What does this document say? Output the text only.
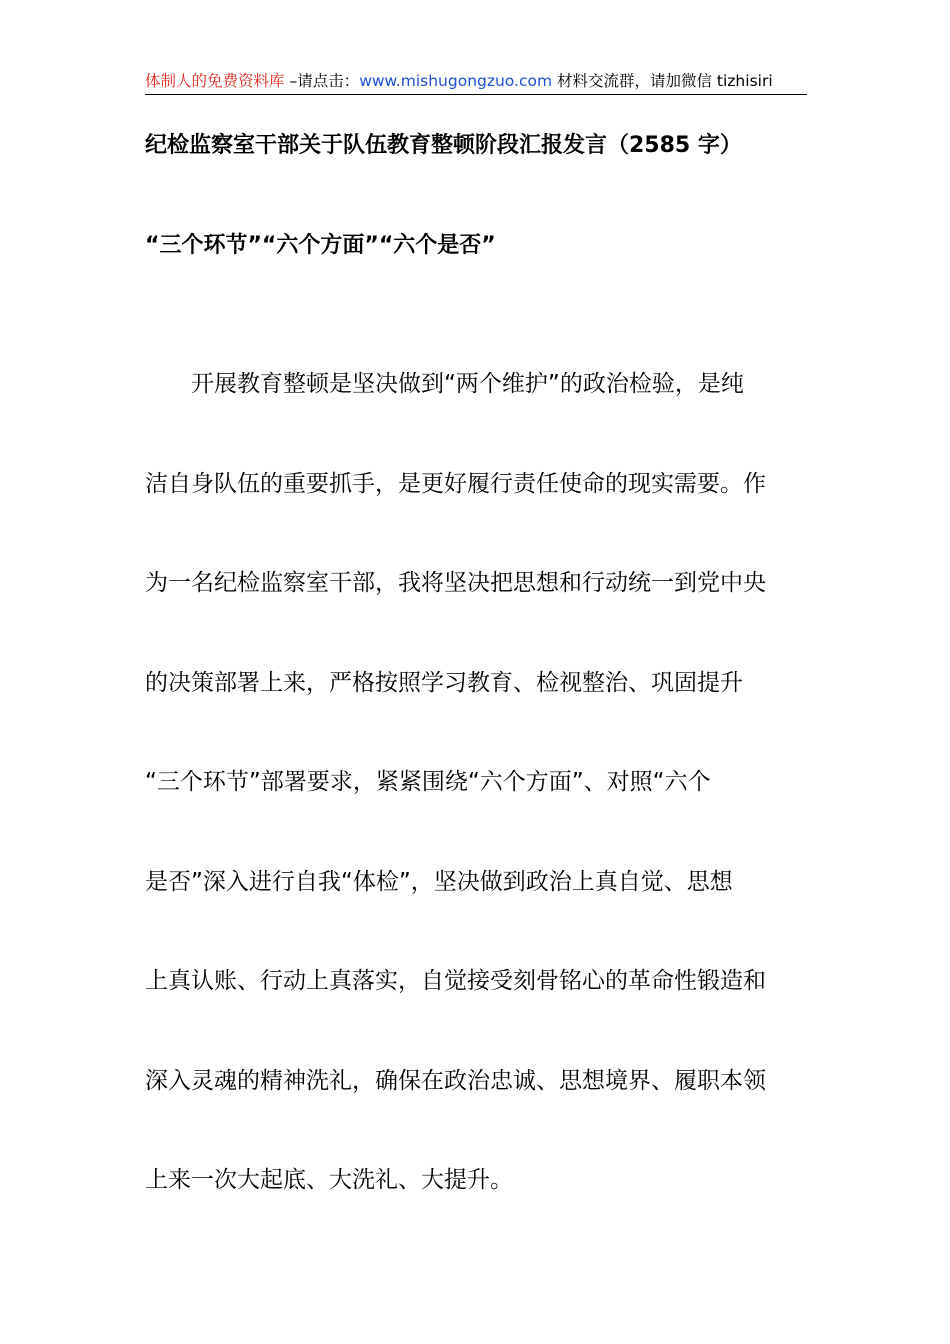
体制人的免费资料库 –请点击：www.mishugongzuo.com 材料交流群，请加微信 tizhisiri
纪检监察室干部关于队伍教育整顿阶段汇报发言（2585 字）
“三个环节”“六个方面”“六个是否”
　　开展教育整顿是坚决做到“两个维护”的政治检验，是纯
洁自身队伍的重要抓手，是更好履行责任使命的现实需要。作
为一名纪检监察室干部，我将坚决把思想和行动统一到党中央
的决策部署上来，严格按照学习教育、检视整治、巩固提升
“三个环节”部署要求，紧紧围绕“六个方面”、对照“六个
是否”深入进行自我“体检”，坚决做到政治上真自觉、思想
上真认账、行动上真落实，自觉接受刻骨铭心的革命性锻造和
深入灵魂的精神洗礼，确保在政治忠诚、思想境界、履职本领
上来一次大起底、大洗礼、大提升。
